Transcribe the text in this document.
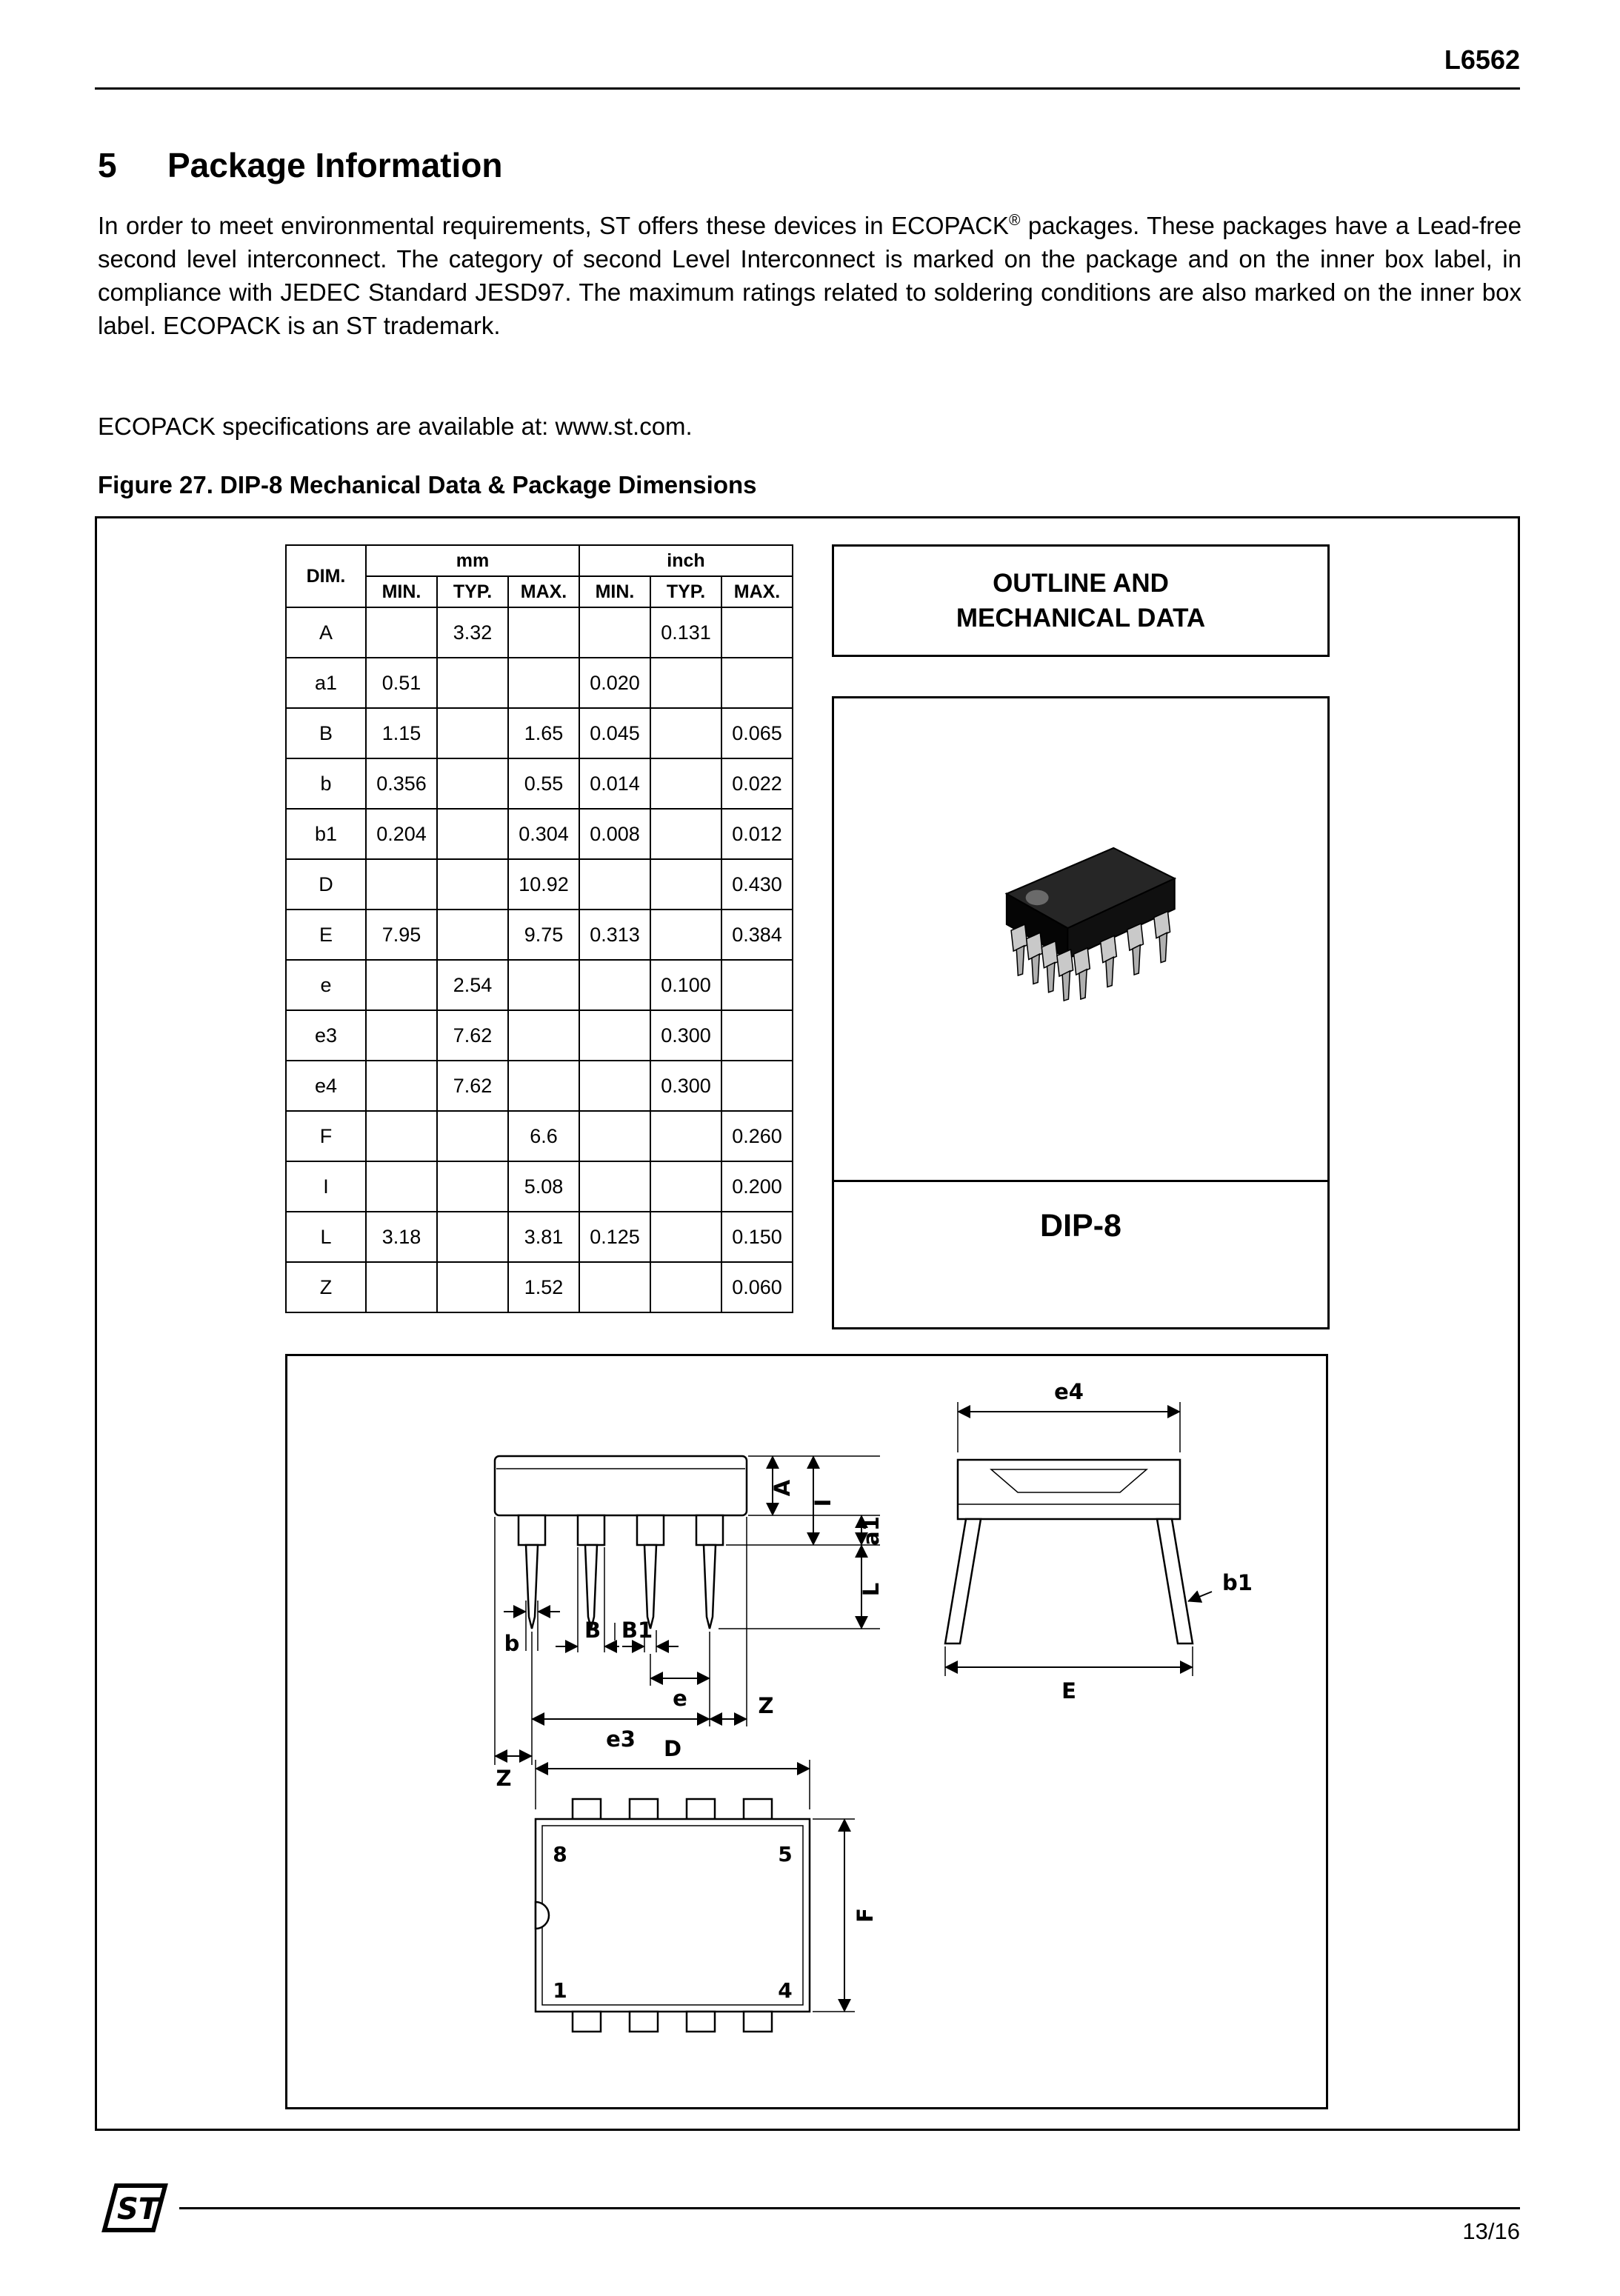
L6562
5 Package Information

In order to meet environmental requirements, ST offers these devices in ECOPACK® packages. These packages have a Lead-free second level interconnect. The category of second Level Interconnect is marked on the package and on the inner box label, in compliance with JEDEC Standard JESD97. The maximum ratings related to soldering conditions are also marked on the inner box label. ECOPACK is an ST trademark.

ECOPACK specifications are available at: www.st.com.

Figure 27. DIP-8 Mechanical Data & Package Dimensions
DIM.	mm			inch		
	MIN.	TYP.	MAX.	MIN.	TYP.	MAX.
A		3.32			0.131	
a1	0.51			0.020		
B	1.15		1.65	0.045		0.065
b	0.356		0.55	0.014		0.022
b1	0.204		0.304	0.008		0.012
D			10.92			0.430
E	7.95		9.75	0.313		0.384
e		2.54			0.100	
e3		7.62			0.300	
e4		7.62			0.300	
F			6.6			0.260
I			5.08			0.200
L	3.18		3.81	0.125		0.150
Z			1.52			0.060
OUTLINE AND
MECHANICAL DATA
DIP-8
A
I
a1
L
b
B B1
e
e3
Z
Z
e4
b1
E
D
8	5
1	4
F
ST
13/16
